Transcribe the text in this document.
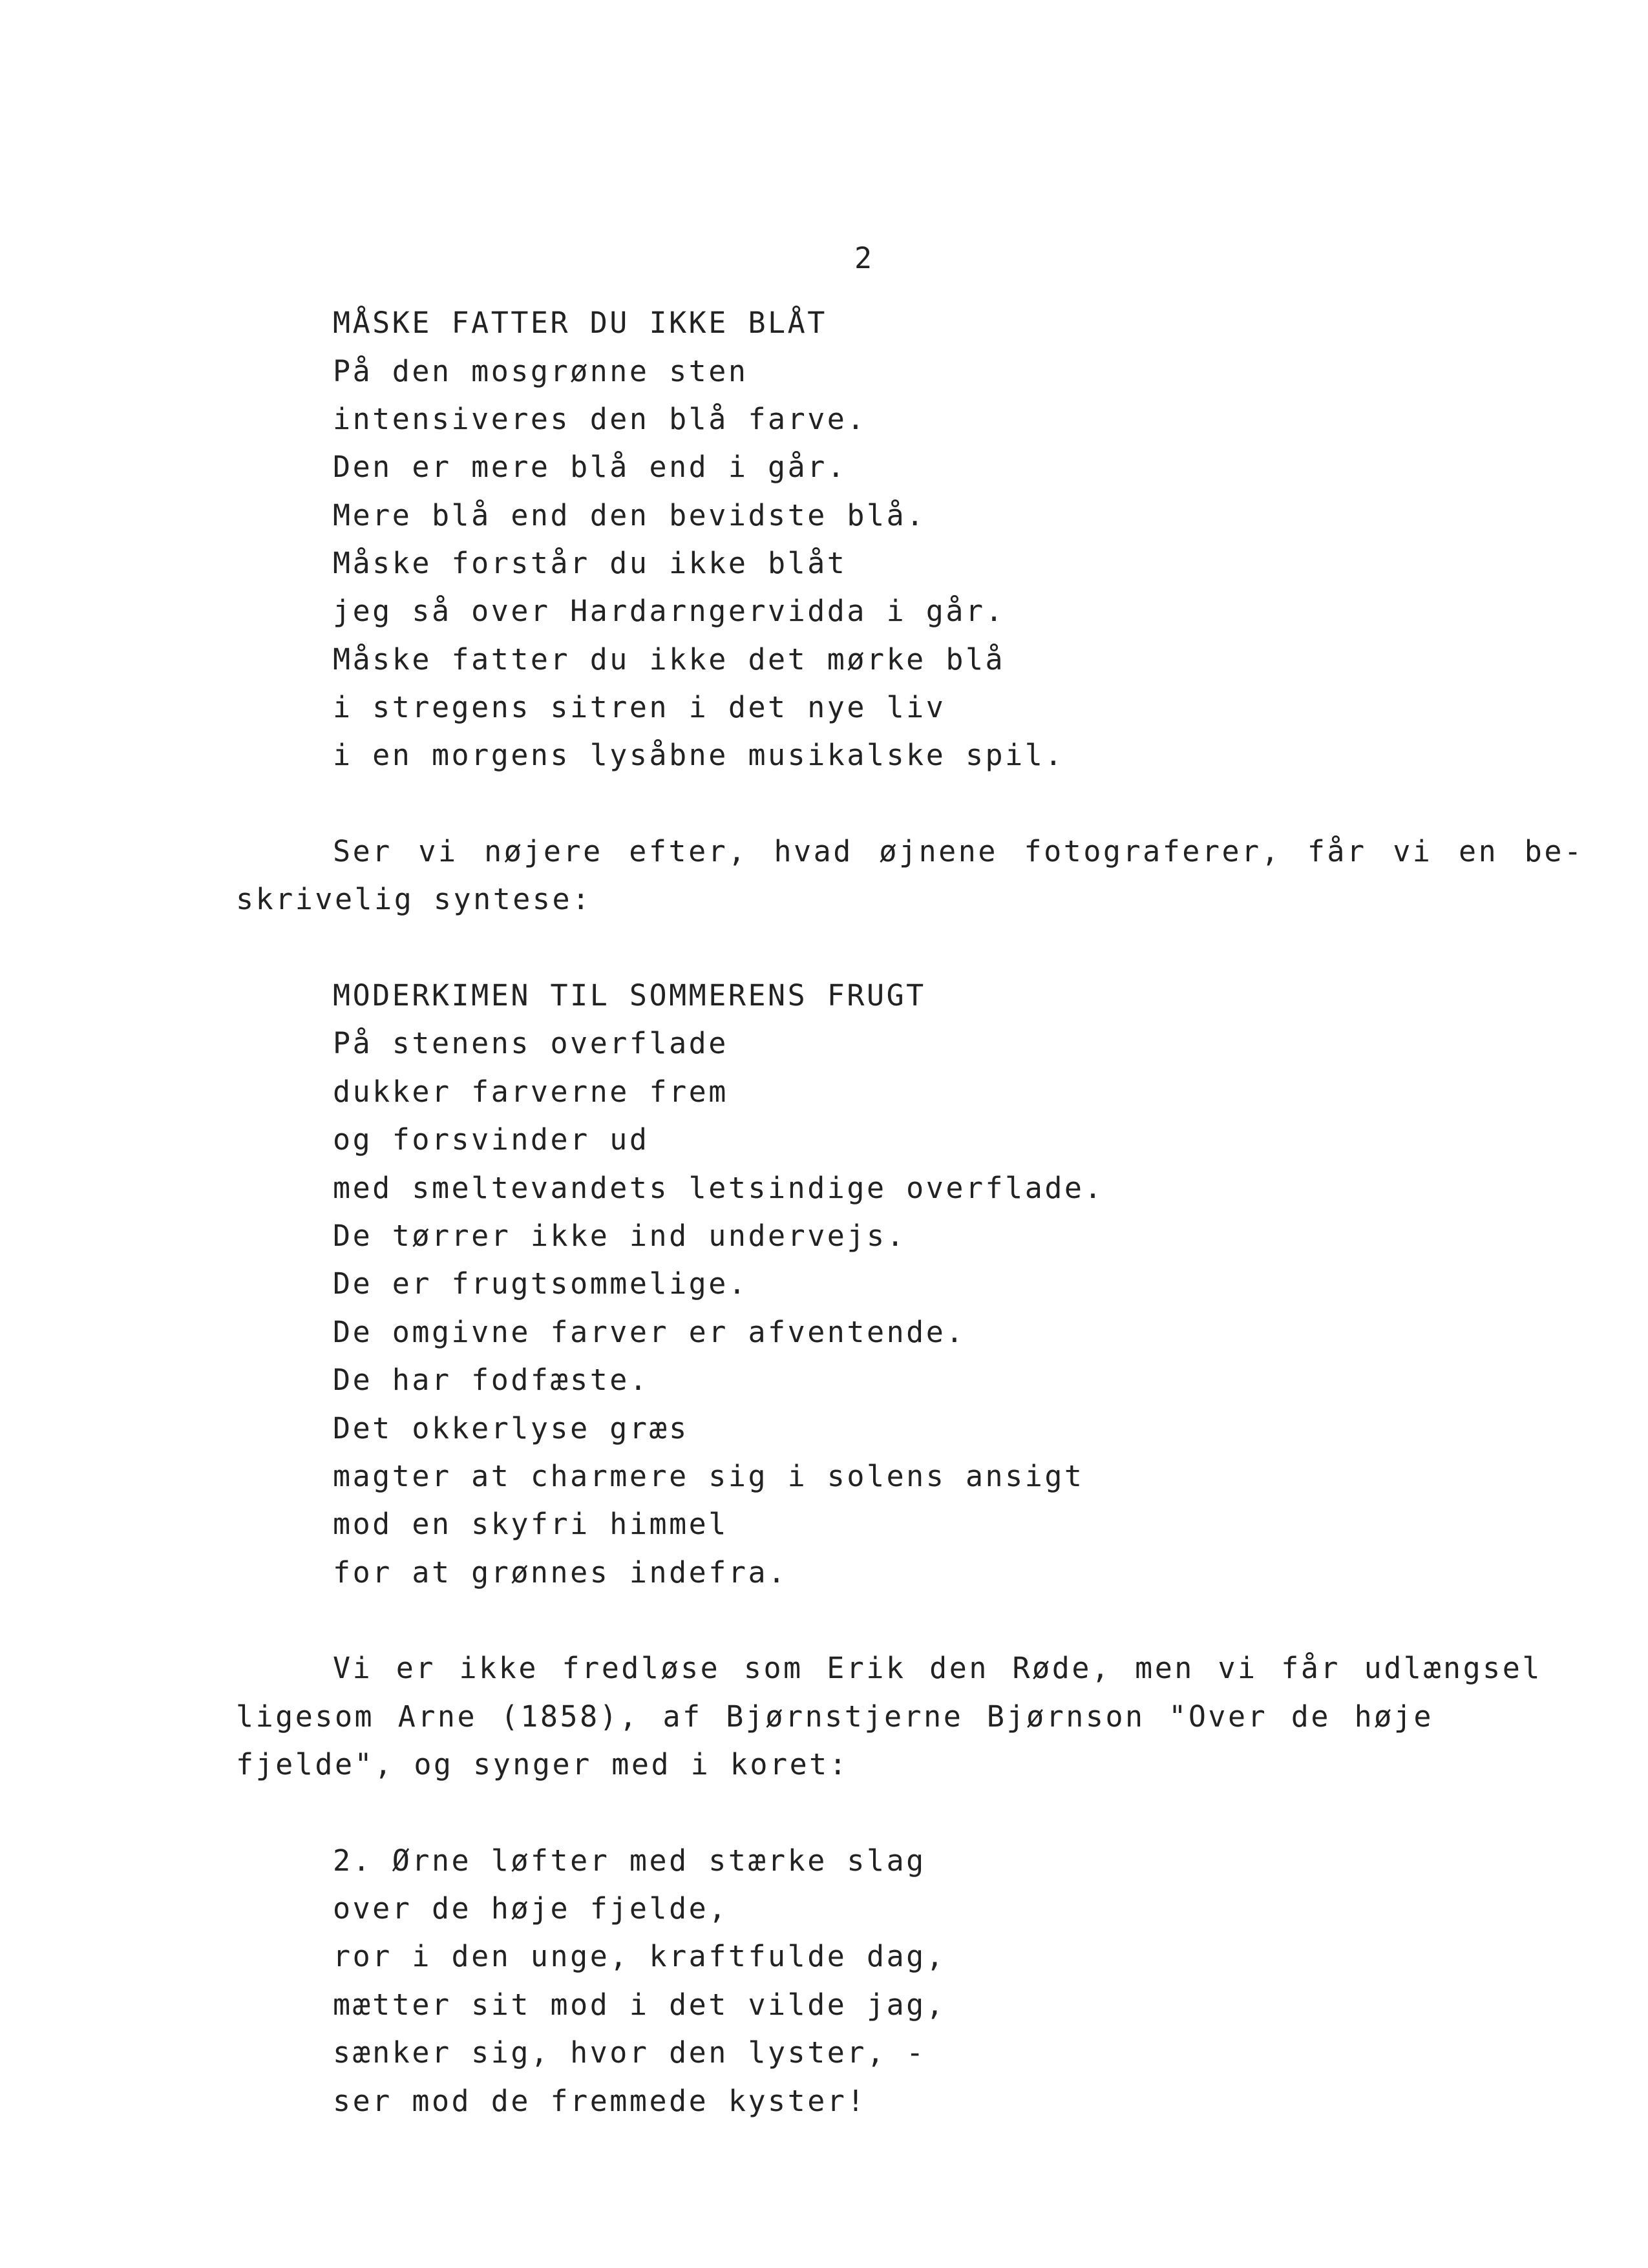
2
MÅSKE FATTER DU IKKE BLÅT
På den mosgrønne sten
intensiveres den blå farve.
Den er mere blå end i går.
Mere blå end den bevidste blå.
Måske forstår du ikke blåt
jeg så over Hardarngervidda i går.
Måske fatter du ikke det mørke blå
i stregens sitren i det nye liv
i en morgens lysåbne musikalske spil.
Ser vi nøjere efter, hvad øjnene fotograferer, får vi en be-
skrivelig syntese:
MODERKIMEN TIL SOMMERENS FRUGT
På stenens overflade
dukker farverne frem
og forsvinder ud
med smeltevandets letsindige overflade.
De tørrer ikke ind undervejs.
De er frugtsommelige.
De omgivne farver er afventende.
De har fodfæste.
Det okkerlyse græs
magter at charmere sig i solens ansigt
mod en skyfri himmel
for at grønnes indefra.
Vi er ikke fredløse som Erik den Røde, men vi får udlængsel
ligesom Arne (1858), af Bjørnstjerne Bjørnson "Over de høje
fjelde", og synger med i koret:
2. Ørne løfter med stærke slag
over de høje fjelde,
ror i den unge, kraftfulde dag,
mætter sit mod i det vilde jag,
sænker sig, hvor den lyster, -
ser mod de fremmede kyster!
